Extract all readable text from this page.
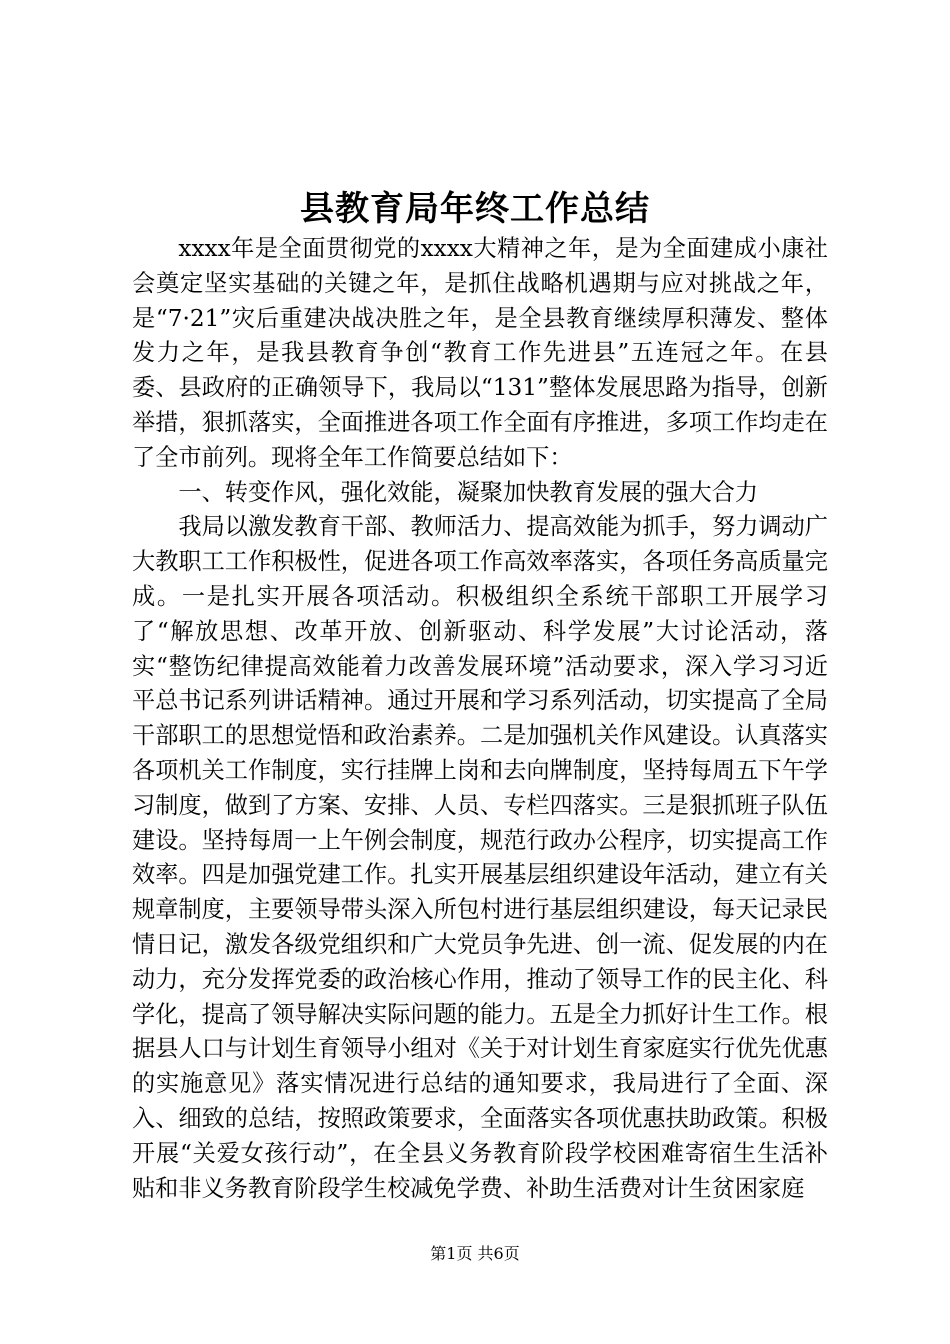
县教育局年终工作总结

xxxx年是全面贯彻党的xxxx大精神之年，是为全面建成小康社会奠定坚实基础的关键之年，是抓住战略机遇期与应对挑战之年，是“7·21”灾后重建决战决胜之年，是全县教育继续厚积薄发、整体发力之年，是我县教育争创“教育工作先进县”五连冠之年。在县委、县政府的正确领导下，我局以“131”整体发展思路为指导，创新举措，狠抓落实，全面推进各项工作全面有序推进，多项工作均走在了全市前列。现将全年工作简要总结如下：

一、转变作风，强化效能，凝聚加快教育发展的强大合力

我局以激发教育干部、教师活力、提高效能为抓手，努力调动广大教职工工作积极性，促进各项工作高效率落实，各项任务高质量完成。一是扎实开展各项活动。积极组织全系统干部职工开展学习了“解放思想、改革开放、创新驱动、科学发展”大讨论活动，落实“整饬纪律提高效能着力改善发展环境”活动要求，深入学习习近平总书记系列讲话精神。通过开展和学习系列活动，切实提高了全局干部职工的思想觉悟和政治素养。二是加强机关作风建设。认真落实各项机关工作制度，实行挂牌上岗和去向牌制度，坚持每周五下午学习制度，做到了方案、安排、人员、专栏四落实。三是狠抓班子队伍建设。坚持每周一上午例会制度，规范行政办公程序，切实提高工作效率。四是加强党建工作。扎实开展基层组织建设年活动，建立有关规章制度，主要领导带头深入所包村进行基层组织建设，每天记录民情日记，激发各级党组织和广大党员争先进、创一流、促发展的内在动力，充分发挥党委的政治核心作用，推动了领导工作的民主化、科学化，提高了领导解决实际问题的能力。五是全力抓好计生工作。根据县人口与计划生育领导小组对《关于对计划生育家庭实行优先优惠的实施意见》落实情况进行总结的通知要求，我局进行了全面、深入、细致的总结，按照政策要求，全面落实各项优惠扶助政策。积极开展“关爱女孩行动”，在全县义务教育阶段学校困难寄宿生生活补贴和非义务教育阶段学生校减免学费、补助生活费对计生贫困家庭

第1页 共6页
